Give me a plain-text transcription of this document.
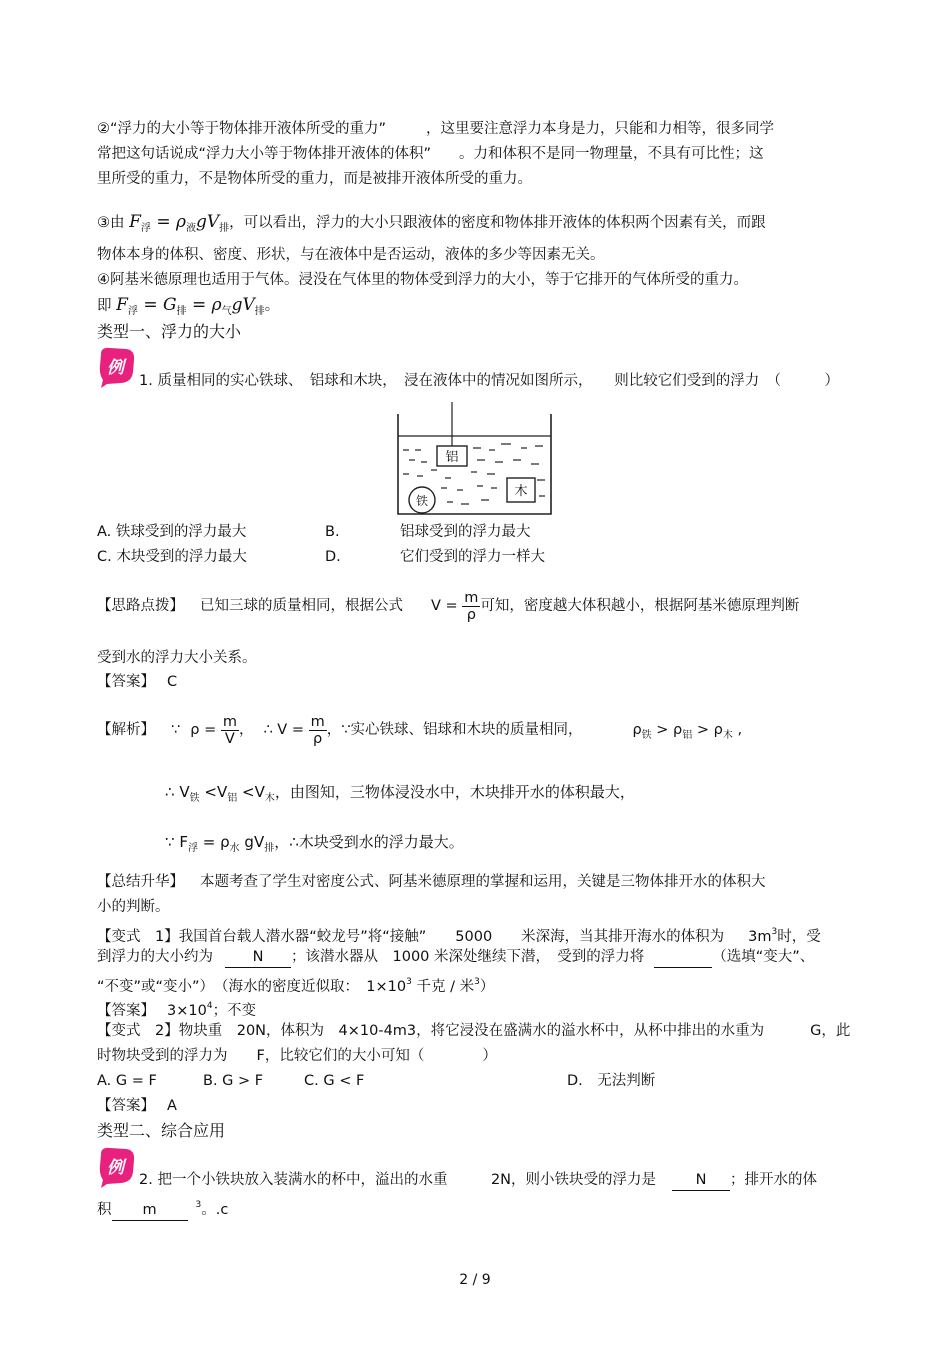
②“浮力的大小等于物体排开液体所受的重力”	，这里要注意浮力本身是力，只能和力相等，很多同学
常把这句话说成“浮力大小等于物体排开液体的体积” 。力和体积不是同一物理量，不具有可比性；这
里所受的重力，不是物体所受的重力，而是被排开液体所受的重力。
③由 $F_浮 = \rho_液gV_排$，可以看出，浮力的大小只跟液体的密度和物体排开液体的体积两个因素有关，而跟
物体本身的体积、密度、形状，与在液体中是否运动，液体的多少等因素无关。
④阿基米德原理也适用于气体。浸没在气体里的物体受到浮力的大小，等于它排开的气体所受的重力。
即 $F_浮 = G_排 = \rho_气gV_排$。
类型一、浮力的大小
例
1. 质量相同的实心铁球、　铝球和木块，　浸在液体中的情况如图所示，　　则比较它们受到的浮力　（　　　）
铝
木
铁
A. 铁球受到的浮力最大	B.	铝球受到的浮力最大
C. 木块受到的浮力最大	D.	它们受到的浮力一样大
【思路点拨】 已知三球的质量相同，根据公式 $V = \frac{m}{\rho}$ 可知，密度越大体积越小，根据阿基米德原理判断
受到水的浮力大小关系。
【答案】 C
【解析】 ∵ $\rho = \frac{m}{V}$ ， ∴ $V = \frac{m}{\rho}$ ，∵实心铁球、铝球和木块的质量相同，	$\rho_铁 > \rho_铝 > \rho_木$ ,
∴ $V_铁 <V_铝 <V_木$，由图知，三物体浸没水中，木块排开水的体积最大，
∵ $F_浮 = \rho_水$ $gV_排$，∴木块受到水的浮力最大。
【总结升华】 本题考查了学生对密度公式、阿基米德原理的掌握和运用，关键是三物体排开水的体积大
小的判断。
【变式　1】我国首台载人潜水器“蛟龙号”将“接触”　　5000　　米深海，当其排开海水的体积为 $3m^3$时，受
到浮力的大小约为	N ；该潜水器从　1000 米深处继续下潜，　受到的浮力将	（选填“变大”、
“不变”或“变小”）　（海水的密度近似取：　$1\times 10^3$ 千克 / 米$^3$）
【答案】 $3\times 10^4$；不变
【变式　2】物块重　20N，体积为　4×10-4m3，将它浸没在盛满水的溢水杯中，从杯中排出的水重为	G，此
时物块受到的浮力为　　F，比较它们的大小可知（　　　　）
A. G = F	B. G > F	C. G < F	D.　无法判断
【答案】 A
类型二、综合应用
例
2. 把一个小铁块放入装满水的杯中，溢出的水重　　　2N，则小铁块受的浮力是	N ；排开水的体
积 m	$^3$。.c
2 / 9
